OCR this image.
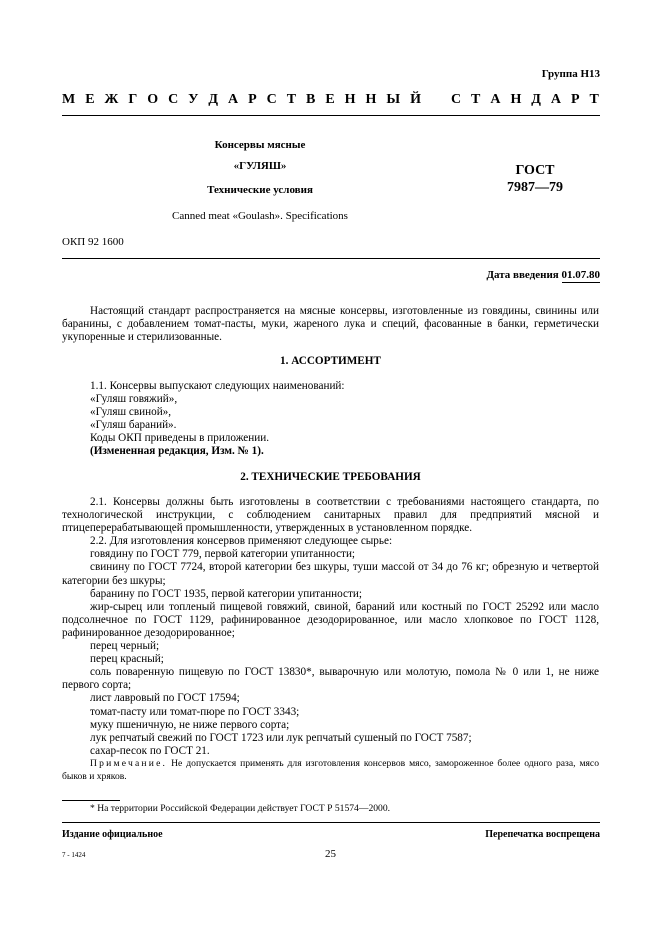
Группа Н13
М Е Ж Г О С У Д А Р С Т В Е Н Н Ы Й С Т А Н Д А Р Т
Консервы мясные
«ГУЛЯШ»
Технические условия
ГОСТ
7987—79
Canned meat «Goulash». Specifications
ОКП 92 1600
Дата введения 01.07.80

Настоящий стандарт распространяется на мясные консервы, изготовленные из говядины, свинины или баранины, с добавлением томат-пасты, муки, жареного лука и специй, фасованные в банки, герметически укупоренные и стерилизованные.

1. АССОРТИМЕНТ

1.1. Консервы выпускают следующих наименований:

«Гуляш говяжий»,

«Гуляш свиной»,

«Гуляш бараний».

Коды ОКП приведены в приложении.

(Измененная редакция, Изм. № 1).

2. ТЕХНИЧЕСКИЕ ТРЕБОВАНИЯ

2.1. Консервы должны быть изготовлены в соответствии с требованиями настоящего стандарта, по технологической инструкции, с соблюдением санитарных правил для предприятий мясной и птицеперерабатывающей промышленности, утвержденных в установленном порядке.

2.2. Для изготовления консервов применяют следующее сырье:

говядину по ГОСТ 779, первой категории упитанности;

свинину по ГОСТ 7724, второй категории без шкуры, туши массой от 34 до 76 кг; обрезную и четвертой категории без шкуры;

баранину по ГОСТ 1935, первой категории упитанности;

жир-сырец или топленый пищевой говяжий, свиной, бараний или костный по ГОСТ 25292 или масло подсолнечное по ГОСТ 1129, рафинированное дезодорированное, или масло хлопковое по ГОСТ 1128, рафинированное дезодорированное;

перец черный;

перец красный;

соль поваренную пищевую по ГОСТ 13830*, выварочную или молотую, помола № 0 или 1, не ниже первого сорта;

лист лавровый по ГОСТ 17594;

томат-пасту или томат-пюре по ГОСТ 3343;

муку пшеничную, не ниже первого сорта;

лук репчатый свежий по ГОСТ 1723 или лук репчатый сушеный по ГОСТ 7587;

сахар-песок по ГОСТ 21.

Примечание. Не допускается применять для изготовления консервов мясо, замороженное более одного раза, мясо быков и хряков.
* На территории Российской Федерации действует ГОСТ Р 51574—2000.
Издание официальное	Перепечатка воспрещена
25
7 - 1424
